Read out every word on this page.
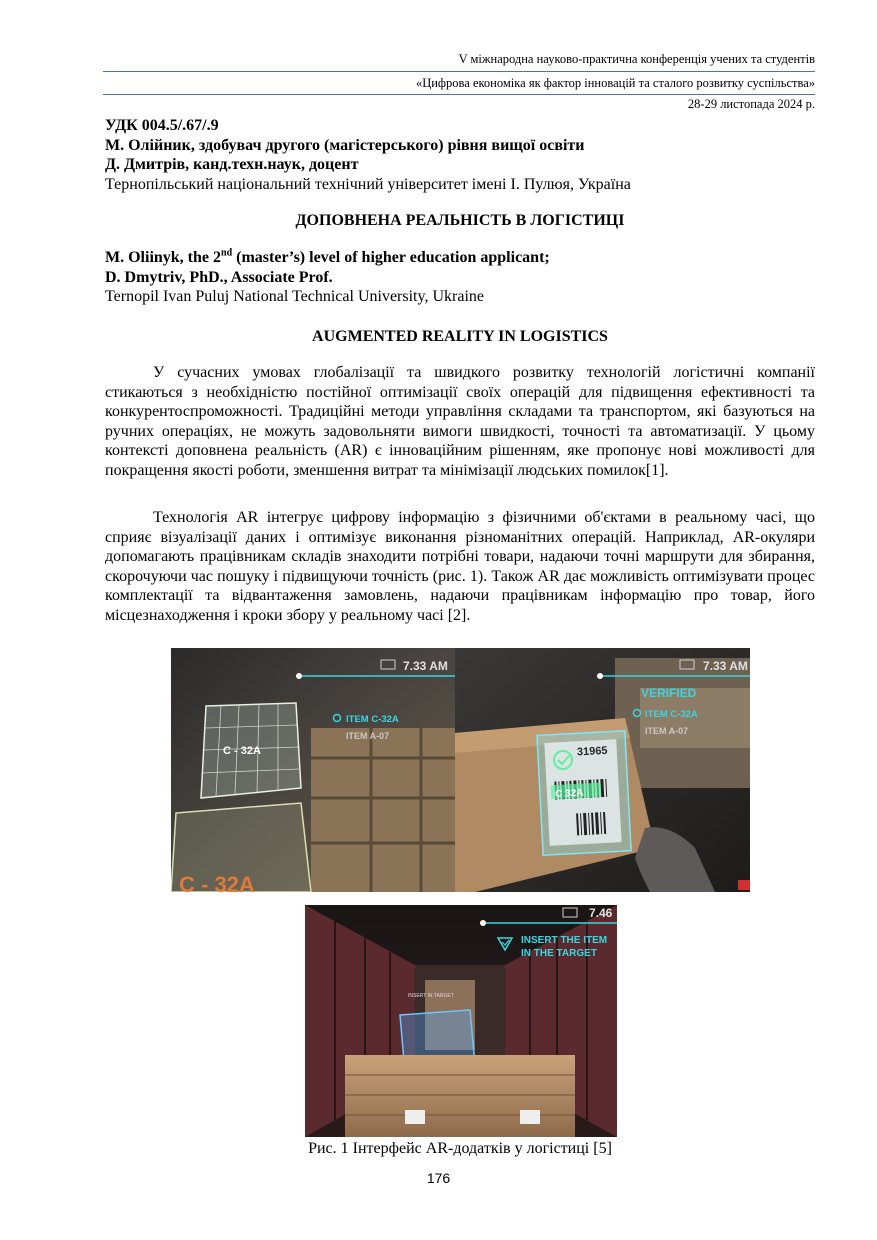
V міжнародна науково-практична конференція учених та студентів
«Цифрова економіка як фактор інновацій та сталого розвитку суспільства»
28-29 листопада 2024 р.
УДК 004.5/.67/.9
М. Олійник, здобувач другого (магістерського) рівня вищої освіти
Д. Дмитрів, канд.техн.наук, доцент
Тернопільський національний технічний університет імені І. Пулюя, Україна
ДОПОВНЕНА РЕАЛЬНІСТЬ В ЛОГІСТИЦІ
M. Oliinyk, the 2nd (master’s) level of higher education applicant;
D. Dmytriv, PhD., Associate Prof.
Ternopil Ivan Puluj National Technical University, Ukraine
AUGMENTED REALITY IN LOGISTICS
У сучасних умовах глобалізації та швидкого розвитку технологій логістичні компанії стикаються з необхідністю постійної оптимізації своїх операцій для підвищення ефективності та конкурентоспроможності. Традиційні методи управління складами та транспортом, які базуються на ручних операціях, не можуть задовольняти вимоги швидкості, точності та автоматизації. У цьому контексті доповнена реальність (AR) є інноваційним рішенням, яке пропонує нові можливості для покращення якості роботи, зменшення витрат та мінімізації людських помилок[1].
Технологія AR інтегрує цифрову інформацію з фізичними об'єктами в реальному часі, що сприяє візуалізації даних і оптимізує виконання різноманітних операцій. Наприклад, AR-окуляри допомагають працівникам складів знаходити потрібні товари, надаючи точні маршрути для збирання, скорочуючи час пошуку і підвищуючи точність (рис. 1). Також AR дає можливість оптимізувати процес комплектації та відвантаження замовлень, надаючи працівникам інформацію про товар, його місцезнаходження і кроки збору у реальному часі [2].
7.33 AM
ITEM C-32A
ITEM A-07
C - 32A
C - 32A
C 32A
31965
7.33 AM
VERIFIED
ITEM C-32A
ITEM A-07
7.46
INSERT THE ITEM
IN THE TARGET
INSERT IN TARGET
Рис. 1 Інтерфейс AR-додатків у логістиці [5]
176
